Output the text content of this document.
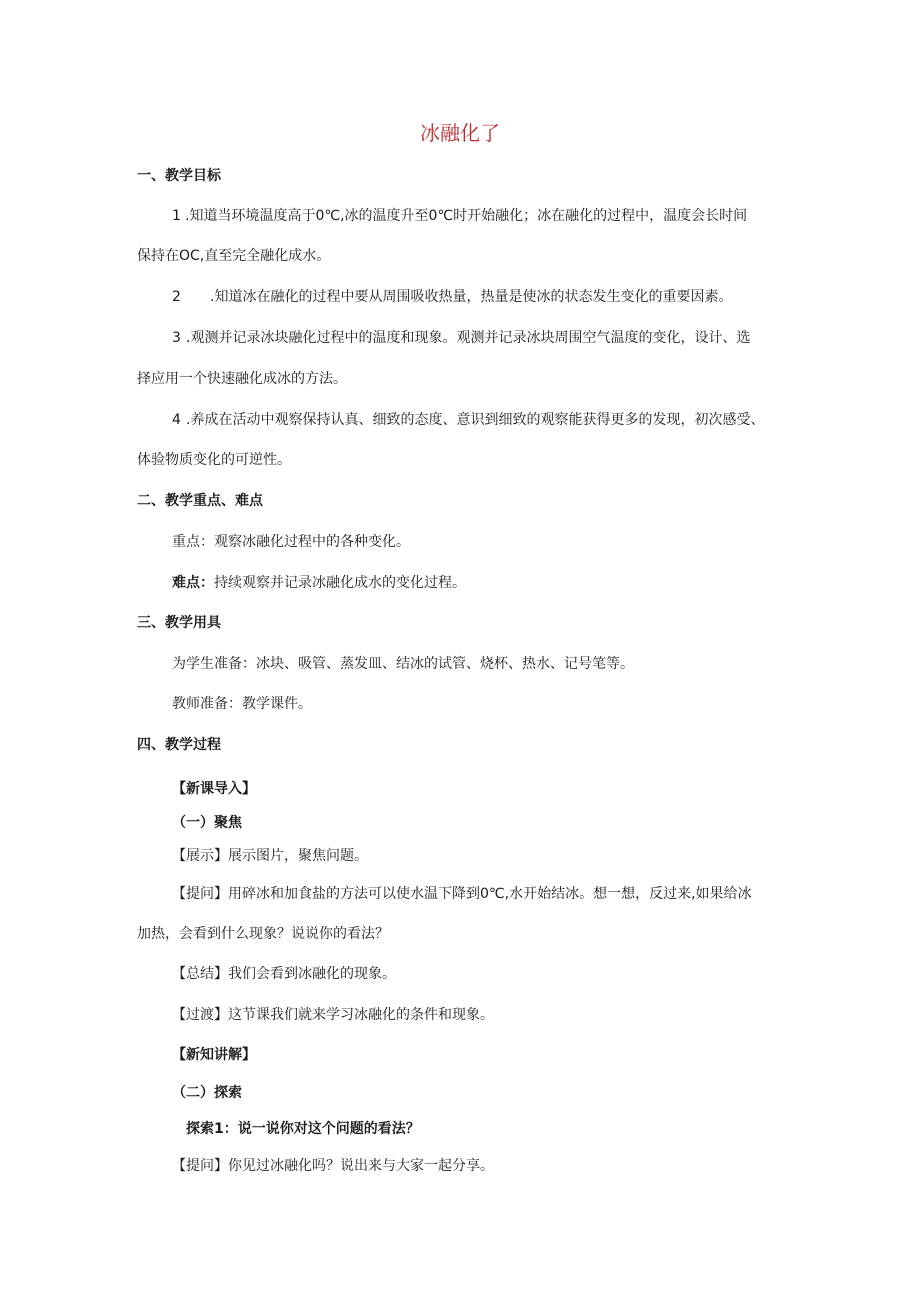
冰融化了
一、教学目标
1 .知道当环境温度高于0℃,冰的温度升至0℃时开始融化；冰在融化的过程中，温度会长时间
保持在OC,直至完全融化成水。
2 .知道冰在融化的过程中要从周围吸收热量，热量是使冰的状态发生变化的重要因素。
3 .观测并记录冰块融化过程中的温度和现象。观测并记录冰块周围空气温度的变化，设计、选
择应用一个快速融化成冰的方法。
4 .养成在活动中观察保持认真、细致的态度、意识到细致的观察能获得更多的发现，初次感受、
体验物质变化的可逆性。
二、教学重点、难点
重点：观察冰融化过程中的各种变化。
难点：持续观察并记录冰融化成水的变化过程。
三、教学用具
为学生准备：冰块、吸管、蒸发皿、结冰的试管、烧杯、热水、记号笔等。
教师准备：教学课件。
四、教学过程
【新课导入】
（一）聚焦
【展示】展示图片，聚焦问题。
【提问】用碎冰和加食盐的方法可以使水温下降到0℃,水开始结冰。想一想，反过来,如果给冰
加热，会看到什么现象？说说你的看法？
【总结】我们会看到冰融化的现象。
【过渡】这节课我们就来学习冰融化的条件和现象。
【新知讲解】
（二）探索
探索1：说一说你对这个问题的看法？
【提问】你见过冰融化吗？说出来与大家一起分享。
